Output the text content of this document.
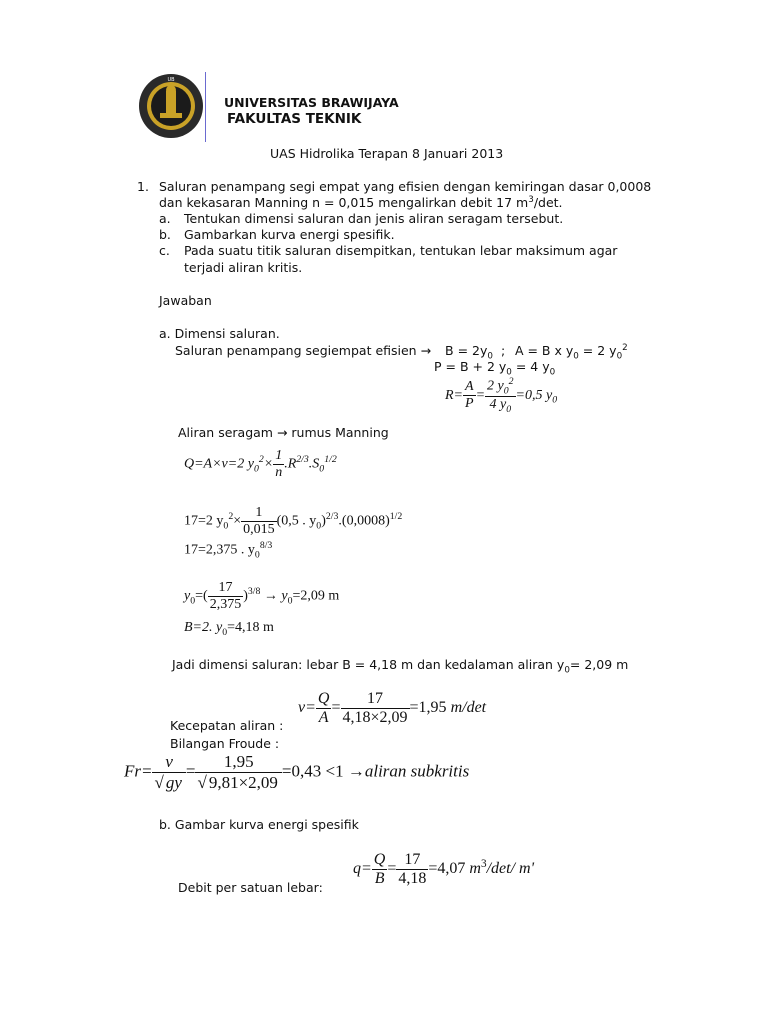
UB
UNIVERSITAS BRAWIJAYA
FAKULTAS TEKNIK
UAS Hidrolika Terapan 8 Januari 2013
1. Saluran penampang segi empat yang efisien dengan kemiringan dasar 0,0008
dan kekasaran Manning n = 0,015 mengalirkan debit 17 $m^3/\det$.
a. Tentukan dimensi saluran dan jenis aliran seragam tersebut.
b. Gambarkan kurva energi spesifik.
c. Pada suatu titik saluran disempitkan, tentukan lebar maksimum agar
terjadi aliran kritis.
Jawaban
a. Dimensi saluran.
Saluran penampang segiempat efisien → $B = 2y_0$  ; A = B x $y_0 = 2$ $y_0^2$
P = B + 2 $y_0 = 4$ $y_0$
$R= \frac{A}{P} = \frac{2 y_0^2}{4 y_0} =0,5$ $y_0$
Aliran seragam → rumus Manning
Q=A×v=2 $y_0^2\times \frac{1}{n} .R^{2/3}.S_0^{1/2}$
17=2 $y_0^2\times \frac{1}{0,015} (0,5$ . $y_0)^{2/3}.(0,0008)^{1/2}$
17=2,375 . $y_0^{8/3}$
$y_0=( \frac{17}{2,375} )^{3/8} \to y_0=2,09$ m
B=2. $y_0=4,18$ m
Jadi dimensi saluran: lebar B = 4,18 m dan kedalaman aliran $y_0= 2,09$ m
$v= \frac{Q}{A} = \frac{17}{4,18\times 2,09} =1,95$ m/det
Kecepatan aliran :
Bilangan Froude :
$Fr= \frac{v}{√ gy} = \frac{1,95}{√ 9,81\times 2,09} =0,43 <1$ →aliran subkritis
b. Gambar kurva energi spesifik
$q= \frac{Q}{B} = \frac{17}{4,18} =4,07$ $m^3/\det/$ m'
Debit per satuan lebar:
